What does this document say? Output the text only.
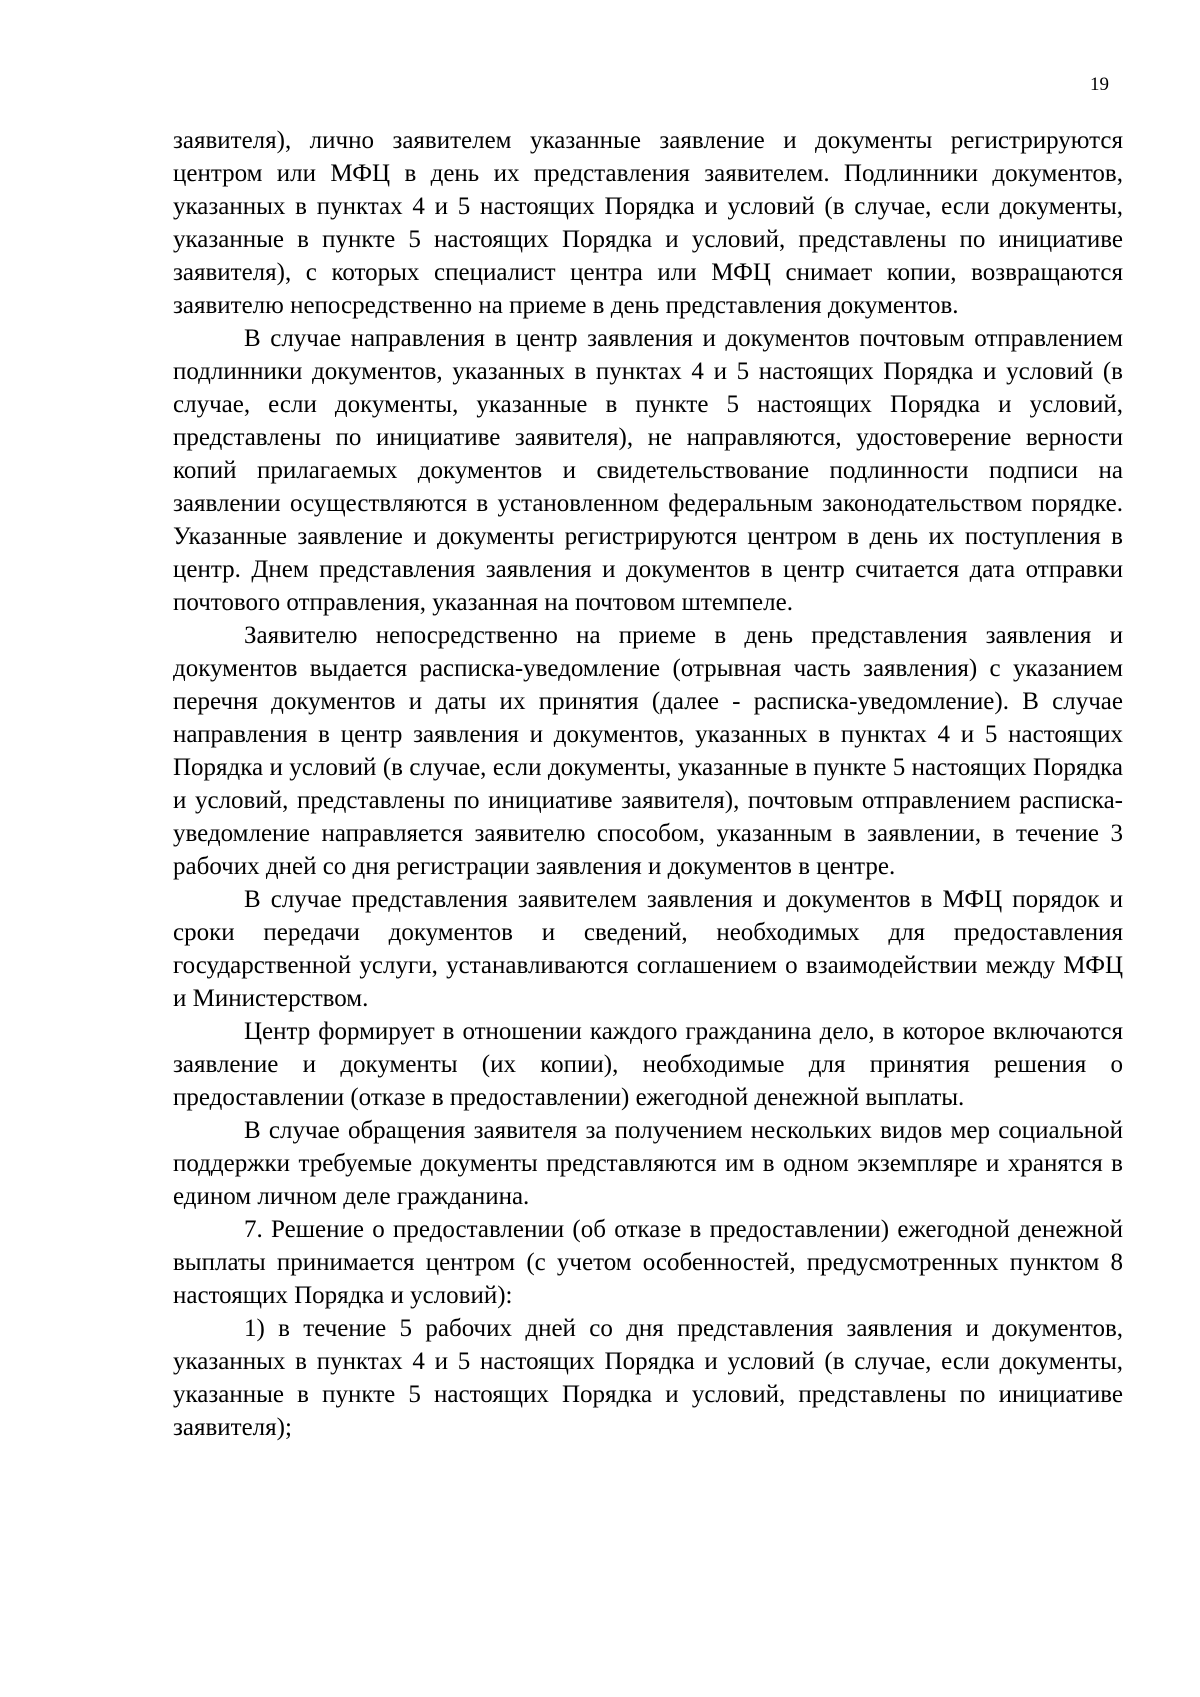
19

заявителя), лично заявителем указанные заявление и документы регистрируются центром или МФЦ в день их представления заявителем. Подлинники документов, указанных в пунктах 4 и 5 настоящих Порядка и условий (в случае, если документы, указанные в пункте 5 настоящих Порядка и условий, представлены по инициативе заявителя), с которых специалист центра или МФЦ снимает копии, возвращаются заявителю непосредственно на приеме в день представления документов.

В случае направления в центр заявления и документов почтовым отправлением подлинники документов, указанных в пунктах 4 и 5 настоящих Порядка и условий (в случае, если документы, указанные в пункте 5 настоящих Порядка и условий, представлены по инициативе заявителя), не направляются, удостоверение верности копий прилагаемых документов и свидетельствование подлинности подписи на заявлении осуществляются в установленном федеральным законодательством порядке. Указанные заявление и документы регистрируются центром в день их поступления в центр. Днем представления заявления и документов в центр считается дата отправки почтового отправления, указанная на почтовом штемпеле.

Заявителю непосредственно на приеме в день представления заявления и документов выдается расписка-уведомление (отрывная часть заявления) с указанием перечня документов и даты их принятия (далее - расписка-уведомление). В случае направления в центр заявления и документов, указанных в пунктах 4 и 5 настоящих Порядка и условий (в случае, если документы, указанные в пункте 5 настоящих Порядка и условий, представлены по инициативе заявителя), почтовым отправлением расписка-уведомление направляется заявителю способом, указанным в заявлении, в течение 3 рабочих дней со дня регистрации заявления и документов в центре.

В случае представления заявителем заявления и документов в МФЦ порядок и сроки передачи документов и сведений, необходимых для предоставления государственной услуги, устанавливаются соглашением о взаимодействии между МФЦ и Министерством.

Центр формирует в отношении каждого гражданина дело, в которое включаются заявление и документы (их копии), необходимые для принятия решения о предоставлении (отказе в предоставлении) ежегодной денежной выплаты.

В случае обращения заявителя за получением нескольких видов мер социальной поддержки требуемые документы представляются им в одном экземпляре и хранятся в едином личном деле гражданина.

7. Решение о предоставлении (об отказе в предоставлении) ежегодной денежной выплаты принимается центром (с учетом особенностей, предусмотренных пунктом 8 настоящих Порядка и условий):

1) в течение 5 рабочих дней со дня представления заявления и документов, указанных в пунктах 4 и 5 настоящих Порядка и условий (в случае, если документы, указанные в пункте 5 настоящих Порядка и условий, представлены по инициативе заявителя);
